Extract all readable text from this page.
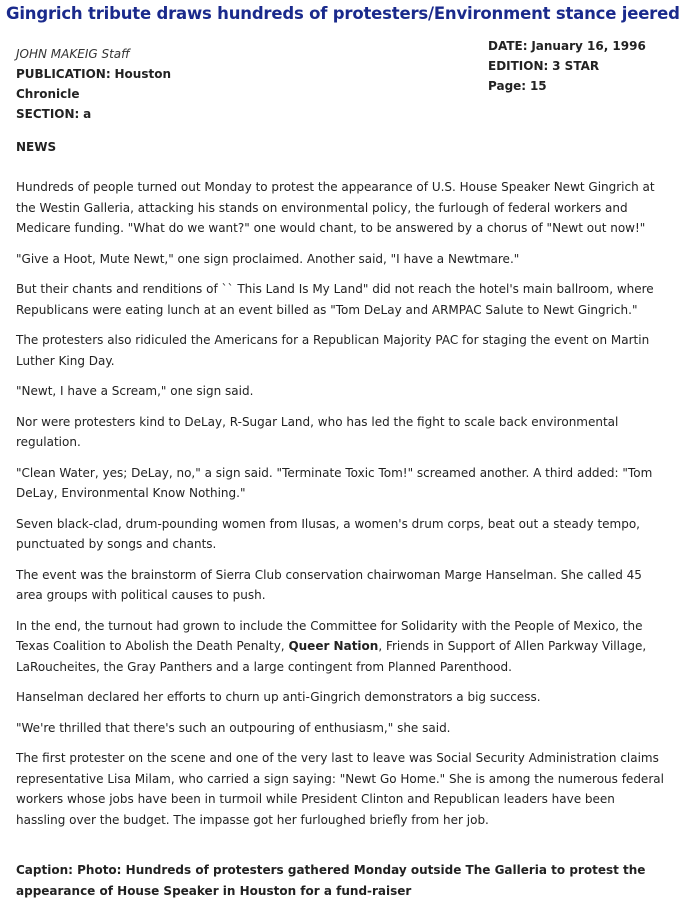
Gingrich tribute draws hundreds of protesters/Environment stance jeered
JOHN MAKEIG Staff
PUBLICATION: Houston Chronicle
SECTION: a
DATE: January 16, 1996
EDITION: 3 STAR
Page: 15
NEWS

Hundreds of people turned out Monday to protest the appearance of U.S. House Speaker Newt Gingrich at the Westin Galleria, attacking his stands on environmental policy, the furlough of federal workers and Medicare funding. "What do we want?" one would chant, to be answered by a chorus of "Newt out now!"

"Give a Hoot, Mute Newt," one sign proclaimed. Another said, "I have a Newtmare."

But their chants and renditions of `` This Land Is My Land" did not reach the hotel's main ballroom, where Republicans were eating lunch at an event billed as "Tom DeLay and ARMPAC Salute to Newt Gingrich."

The protesters also ridiculed the Americans for a Republican Majority PAC for staging the event on Martin Luther King Day.

"Newt, I have a Scream," one sign said.

Nor were protesters kind to DeLay, R-Sugar Land, who has led the fight to scale back environmental regulation.

"Clean Water, yes; DeLay, no," a sign said. "Terminate Toxic Tom!" screamed another. A third added: "Tom DeLay, Environmental Know Nothing."

Seven black-clad, drum-pounding women from Ilusas, a women's drum corps, beat out a steady tempo, punctuated by songs and chants.

The event was the brainstorm of Sierra Club conservation chairwoman Marge Hanselman. She called 45 area groups with political causes to push.

In the end, the turnout had grown to include the Committee for Solidarity with the People of Mexico, the Texas Coalition to Abolish the Death Penalty, Queer Nation, Friends in Support of Allen Parkway Village, LaRoucheites, the Gray Panthers and a large contingent from Planned Parenthood.

Hanselman declared her efforts to churn up anti-Gingrich demonstrators a big success.

"We're thrilled that there's such an outpouring of enthusiasm," she said.

The first protester on the scene and one of the very last to leave was Social Security Administration claims representative Lisa Milam, who carried a sign saying: "Newt Go Home." She is among the numerous federal workers whose jobs have been in turmoil while President Clinton and Republican leaders have been hassling over the budget. The impasse got her furloughed briefly from her job.

Caption: Photo: Hundreds of protesters gathered Monday outside The Galleria to protest the appearance of House Speaker in Houston for a fund-raiser
